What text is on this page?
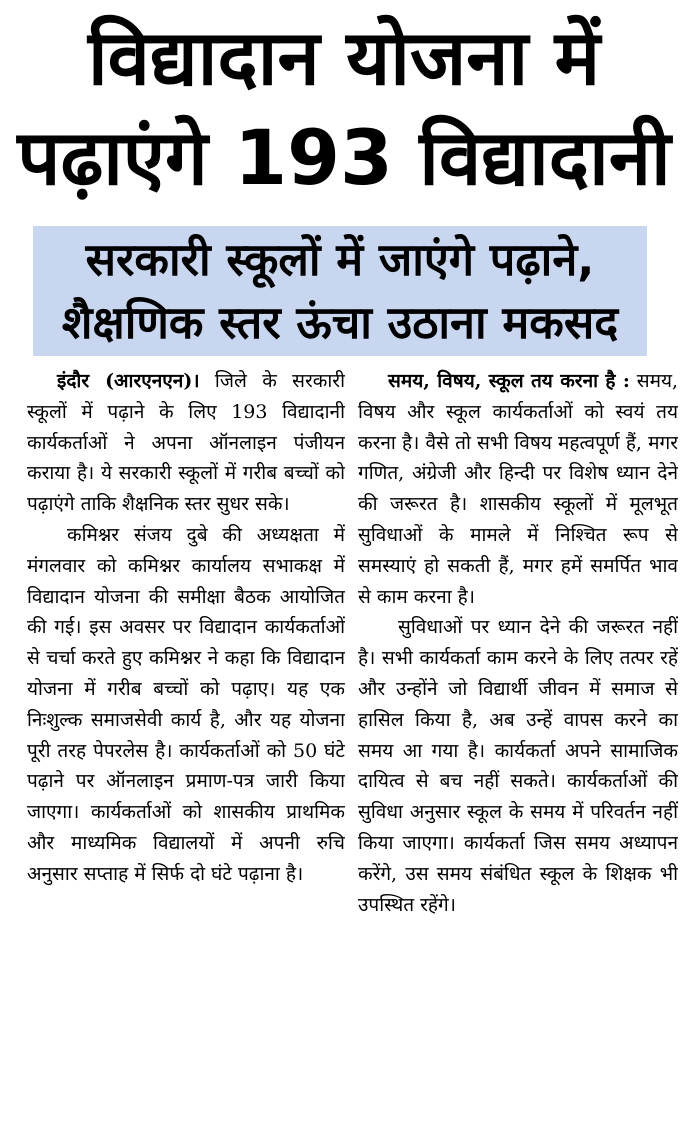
विद्यादान योजना में
पढ़ाएंगे 193 विद्यादानी
सरकारी स्कूलों में जाएंगे पढ़ाने,
शैक्षणिक स्तर ऊंचा उठाना मकसद

इंदौर (आरएनएन)। जिले के सरकारी स्कूलों में पढ़ाने के लिए 193 विद्यादानी कार्यकर्ताओं ने अपना ऑनलाइन पंजीयन कराया है। ये सरकारी स्कूलों में गरीब बच्चों को पढ़ाएंगे ताकि शैक्षनिक स्तर सुधर सके।

कमिश्नर संजय दुबे की अध्यक्षता में मंगलवार को कमिश्नर कार्यालय सभाकक्ष में विद्यादान योजना की समीक्षा बैठक आयोजित की गई। इस अवसर पर विद्यादान कार्यकर्ताओं से चर्चा करते हुए कमिश्नर ने कहा कि विद्यादान योजना में गरीब बच्चों को पढ़ाए। यह एक निःशुल्क समाजसेवी कार्य है, और यह योजना पूरी तरह पेपरलेस है। कार्यकर्ताओं को 50 घंटे पढ़ाने पर ऑनलाइन प्रमाण-पत्र जारी किया जाएगा। कार्यकर्ताओं को शासकीय प्राथमिक और माध्यमिक विद्यालयों में अपनी रुचि अनुसार सप्ताह में सिर्फ दो घंटे पढ़ाना है।

समय, विषय, स्कूल तय करना है : समय, विषय और स्कूल कार्यकर्ताओं को स्वयं तय करना है। वैसे तो सभी विषय महत्वपूर्ण हैं, मगर गणित, अंग्रेजी और हिन्दी पर विशेष ध्यान देने की जरूरत है। शासकीय स्कूलों में मूलभूत सुविधाओं के मामले में निश्चित रूप से समस्याएं हो सकती हैं, मगर हमें समर्पित भाव से काम करना है।

सुविधाओं पर ध्यान देने की जरूरत नहीं है। सभी कार्यकर्ता काम करने के लिए तत्पर रहें और उन्होंने जो विद्यार्थी जीवन में समाज से हासिल किया है, अब उन्हें वापस करने का समय आ गया है। कार्यकर्ता अपने सामाजिक दायित्व से बच नहीं सकते। कार्यकर्ताओं की सुविधा अनुसार स्कूल के समय में परिवर्तन नहीं किया जाएगा। कार्यकर्ता जिस समय अध्यापन करेंगे, उस समय संबंधित स्कूल के शिक्षक भी उपस्थित रहेंगे।
